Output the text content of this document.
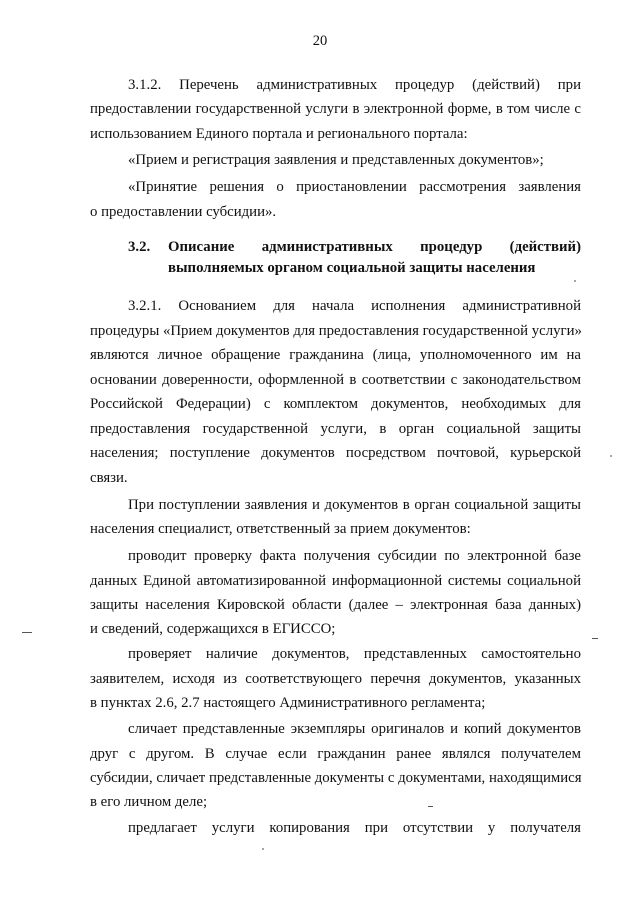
20
3.1.2. Перечень административных процедур (действий) при
предоставлении государственной услуги в электронной форме, в том числе с
использованием Единого портала и регионального портала:
«Прием и регистрация заявления и представленных документов»;
«Принятие решения о приостановлении рассмотрения заявления
о предоставлении субсидии».
3.2. Описание административных процедур (действий)
выполняемых органом социальной защиты населения
3.2.1. Основанием для начала исполнения административной
процедуры «Прием документов для предоставления государственной услуги»
являются личное обращение гражданина (лица, уполномоченного им на
основании доверенности, оформленной в соответствии с законодательством
Российской Федерации) с комплектом документов, необходимых для
предоставления государственной услуги, в орган социальной защиты
населения; поступление документов посредством почтовой, курьерской
связи.
При поступлении заявления и документов в орган социальной защиты
населения специалист, ответственный за прием документов:
проводит проверку факта получения субсидии по электронной базе
данных Единой автоматизированной информационной системы социальной
защиты населения Кировской области (далее – электронная база данных)
и сведений, содержащихся в ЕГИССО;
проверяет наличие документов, представленных самостоятельно
заявителем, исходя из соответствующего перечня документов, указанных
в пунктах 2.6, 2.7 настоящего Административного регламента;
сличает представленные экземпляры оригиналов и копий документов
друг с другом. В случае если гражданин ранее являлся получателем
субсидии, сличает представленные документы с документами, находящимися
в его личном деле;
предлагает услуги копирования при отсутствии у получателя
